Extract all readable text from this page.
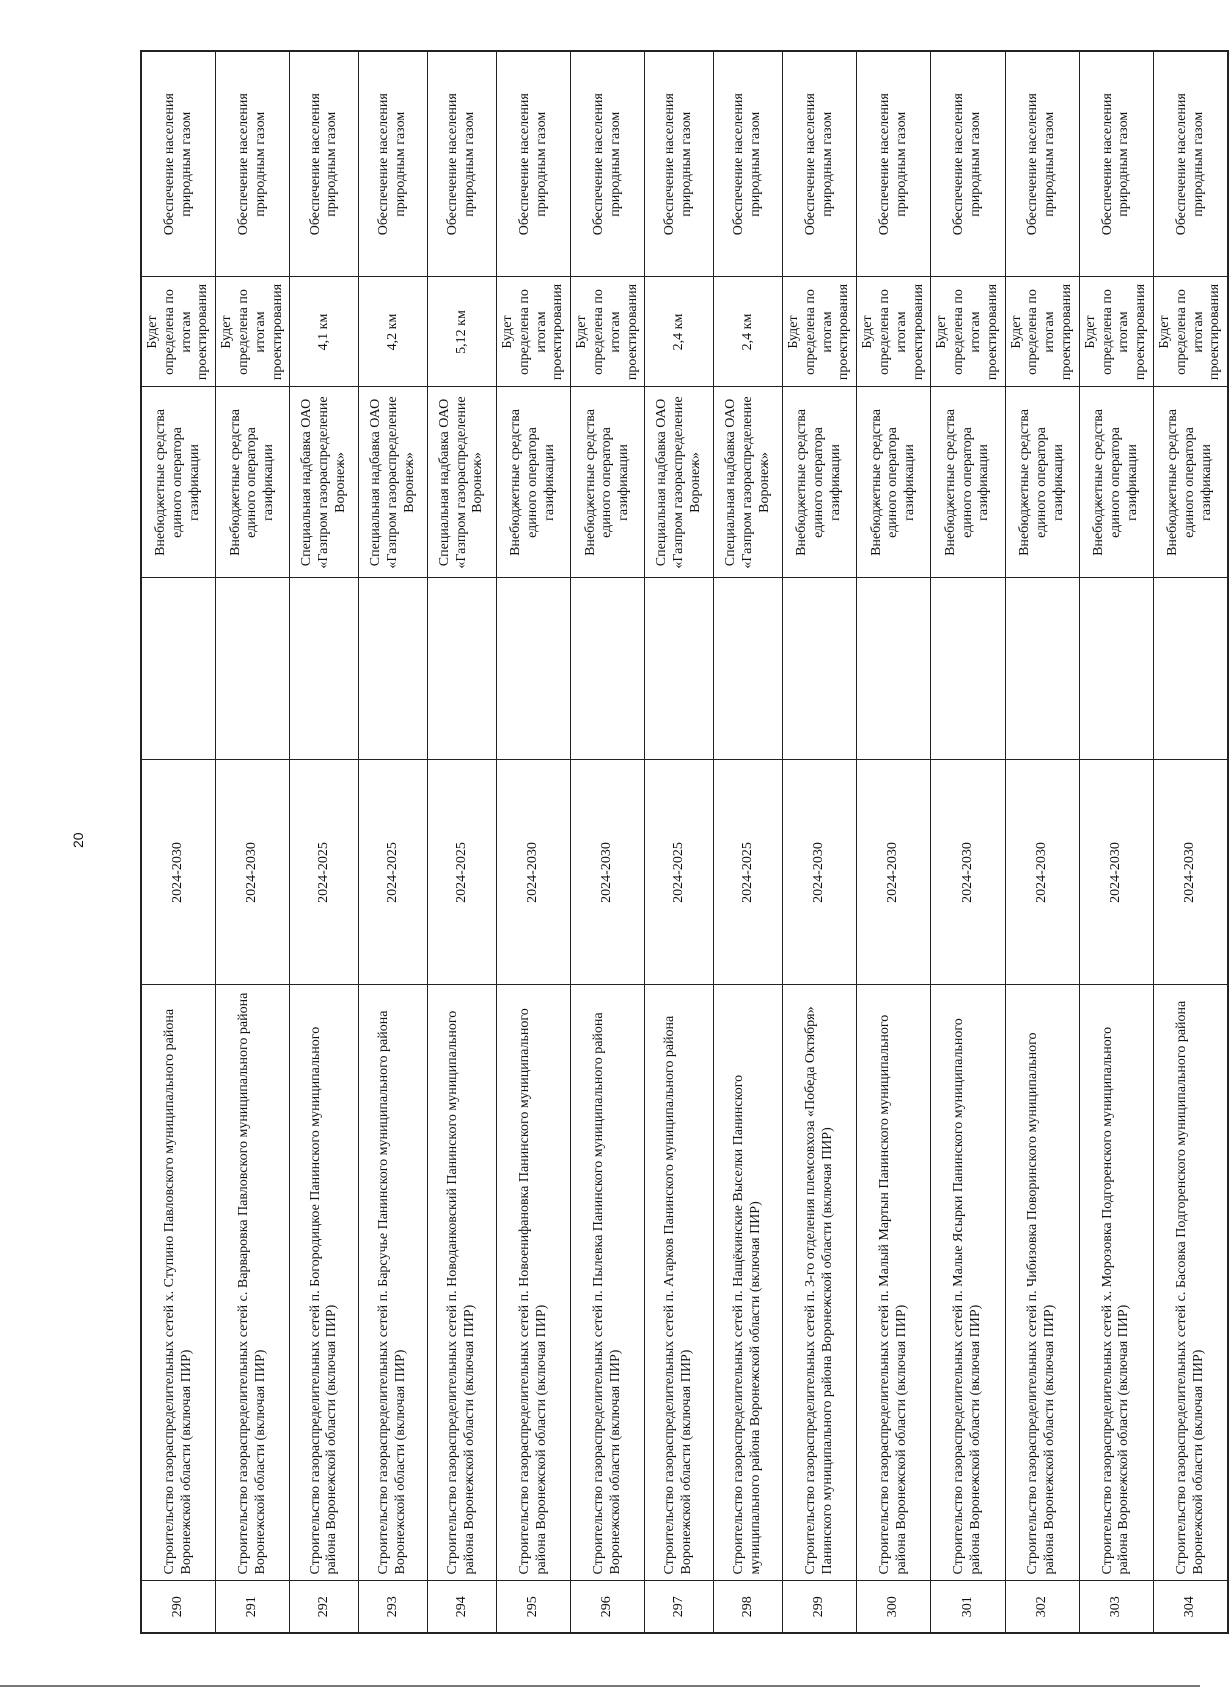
20
290	Строительство газораспределительных сетей х. Ступино Павловского муниципального района Воронежской области (включая ПИР)	2024-2030		Внебюджетные средства единого оператора газификации	Будет определена по итогам проектирования	Обеспечение населения природным газом
291	Строительство газораспределительных сетей с. Варваровка Павловского муниципального района Воронежской области (включая ПИР)	2024-2030		Внебюджетные средства единого оператора газификации	Будет определена по итогам проектирования	Обеспечение населения природным газом
292	Строительство газораспределительных сетей п. Богородицкое Панинского муниципального района Воронежской области (включая ПИР)	2024-2025		Специальная надбавка ОАО «Газпром газораспределение Воронеж»	4,1 км	Обеспечение населения природным газом
293	Строительство газораспределительных сетей п. Барсучье Панинского муниципального района Воронежской области (включая ПИР)	2024-2025		Специальная надбавка ОАО «Газпром газораспределение Воронеж»	4,2 км	Обеспечение населения природным газом
294	Строительство газораспределительных сетей п. Новоданковский Панинского муниципального района Воронежской области (включая ПИР)	2024-2025		Специальная надбавка ОАО «Газпром газораспределение Воронеж»	5,12 км	Обеспечение населения природным газом
295	Строительство газораспределительных сетей п. Новоенифановка Панинского муниципального района Воронежской области (включая ПИР)	2024-2030		Внебюджетные средства единого оператора газификации	Будет определена по итогам проектирования	Обеспечение населения природным газом
296	Строительство газораспределительных сетей п. Пылевка Панинского муниципального района Воронежской области (включая ПИР)	2024-2030		Внебюджетные средства единого оператора газификации	Будет определена по итогам проектирования	Обеспечение населения природным газом
297	Строительство газораспределительных сетей п. Агарков Панинского муниципального района Воронежской области (включая ПИР)	2024-2025		Специальная надбавка ОАО «Газпром газораспределение Воронеж»	2,4 км	Обеспечение населения природным газом
298	Строительство газораспределительных сетей п. Нащёкинские Выселки Панинского муниципального района Воронежской области (включая ПИР)	2024-2025		Специальная надбавка ОАО «Газпром газораспределение Воронеж»	2,4 км	Обеспечение населения природным газом
299	Строительство газораспределительных сетей п. 3-го отделения племсовхоза «Победа Октября» Панинского муниципального района Воронежской области (включая ПИР)	2024-2030		Внебюджетные средства единого оператора газификации	Будет определена по итогам проектирования	Обеспечение населения природным газом
300	Строительство газораспределительных сетей п. Малый Мартын Панинского муниципального района Воронежской области (включая ПИР)	2024-2030		Внебюджетные средства единого оператора газификации	Будет определена по итогам проектирования	Обеспечение населения природным газом
301	Строительство газораспределительных сетей п. Малые Ясырки Панинского муниципального района Воронежской области (включая ПИР)	2024-2030		Внебюджетные средства единого оператора газификации	Будет определена по итогам проектирования	Обеспечение населения природным газом
302	Строительство газораспределительных сетей п. Чибизовка Поворинского муниципального района Воронежской области (включая ПИР)	2024-2030		Внебюджетные средства единого оператора газификации	Будет определена по итогам проектирования	Обеспечение населения природным газом
303	Строительство газораспределительных сетей х. Морозовка Подгоренского муниципального района Воронежской области (включая ПИР)	2024-2030		Внебюджетные средства единого оператора газификации	Будет определена по итогам проектирования	Обеспечение населения природным газом
304	Строительство газораспределительных сетей с. Басовка Подгоренского муниципального района Воронежской области (включая ПИР)	2024-2030		Внебюджетные средства единого оператора газификации	Будет определена по итогам проектирования	Обеспечение населения природным газом
